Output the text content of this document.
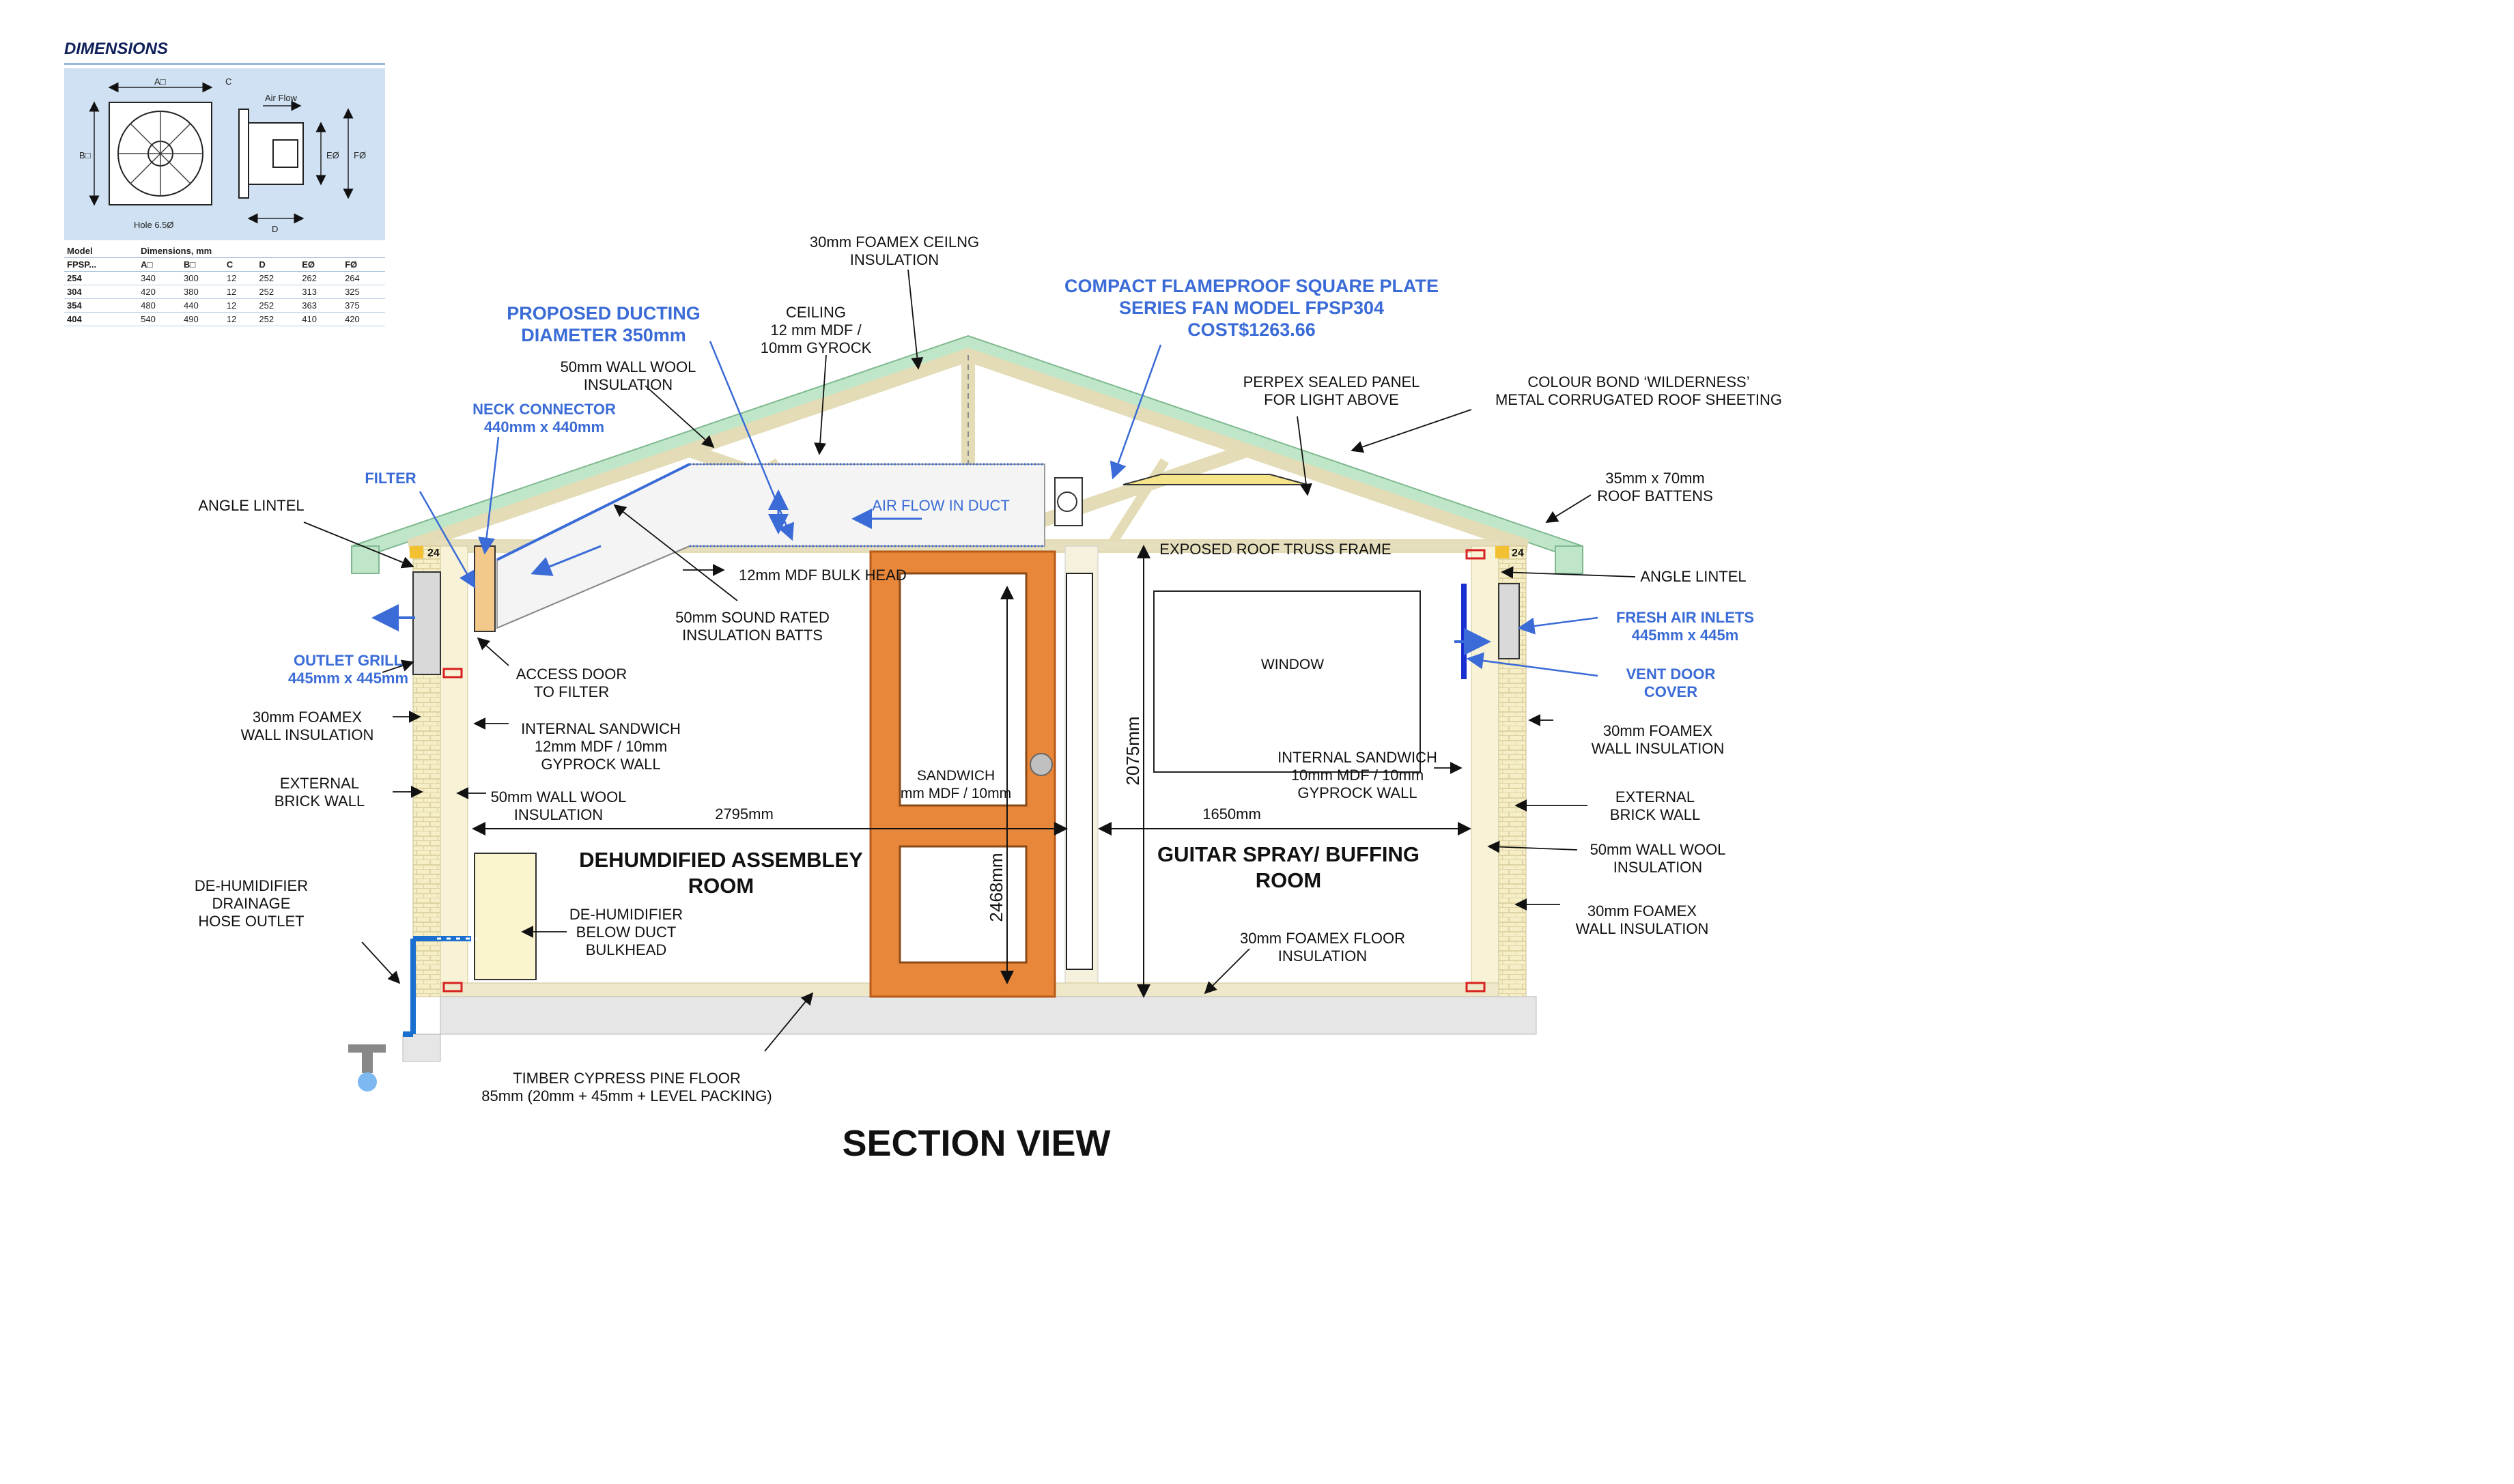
A□
B□
C
D
EØ FØ
Air Flow
Hole 6.5Ø
30mm FOAMEX CEILNG INSULATION
PROPOSED DUCTING DIAMETER 350mm
CEILING 12 mm MDF / 10mm GYROCK
COMPACT FLAMEPROOF SQUARE PLATE SERIES FAN MODEL FPSP304 COST$1263.66
50mm WALL WOOL INSULATION
NECK CONNECTOR 440mm x 440mm
PERPEX SEALED PANEL FOR LIGHT ABOVE
COLOUR BOND ‘WILDERNESS’ METAL CORRUGATED ROOF SHEETING
FILTER	35mm x 70mm ROOF BATTENS
ANGLE LINTEL	AIR FLOW IN DUCT
EXPOSED ROOF TRUSS FRAME
ANGLE LINTEL
12mm MDF BULK HEAD
FRESH AIR INLETS 445mm x 445m
50mm SOUND RATED INSULATION BATTS
OUTLET GRILL 445mm x 445mm
WINDOW
ACCESS DOOR TO FILTER
VENT DOOR COVER
30mm FOAMEX WALL INSULATION	INTERNAL SANDWICH 12mm MDF / 10mm GYPROCK WALL
30mm FOAMEX WALL INSULATION
INTERNAL SANDWICH 10mm MDF / 10mm GYPROCK WALL
SANDWICH mm MDF / 10mm
EXTERNAL BRICK WALL	50mm WALL WOOL INSULATION
EXTERNAL BRICK WALL
2795mm	1650mm
2075mm
2468mm
50mm WALL WOOL INSULATION
DEHUMDIFIED ASSEMBLEY ROOM
GUITAR SPRAY/ BUFFING ROOM
DE-HUMIDIFIER DRAINAGE HOSE OUTLET	DE-HUMIDIFIER BELOW DUCT BULKHEAD
30mm FOAMEX WALL INSULATION
30mm FOAMEX FLOOR INSULATION
TIMBER CYPRESS PINE FLOOR 85mm (20mm + 45mm + LEVEL PACKING)
24	24
SECTION VIEW
DIMENSIONS
Model	Dimensions, mm					
FPSP...	A□	B□	C	D	EØ	FØ
254	340	300	12	252	262	264
304	420	380	12	252	313	325
354	480	440	12	252	363	375
404	540	490	12	252	410	420
